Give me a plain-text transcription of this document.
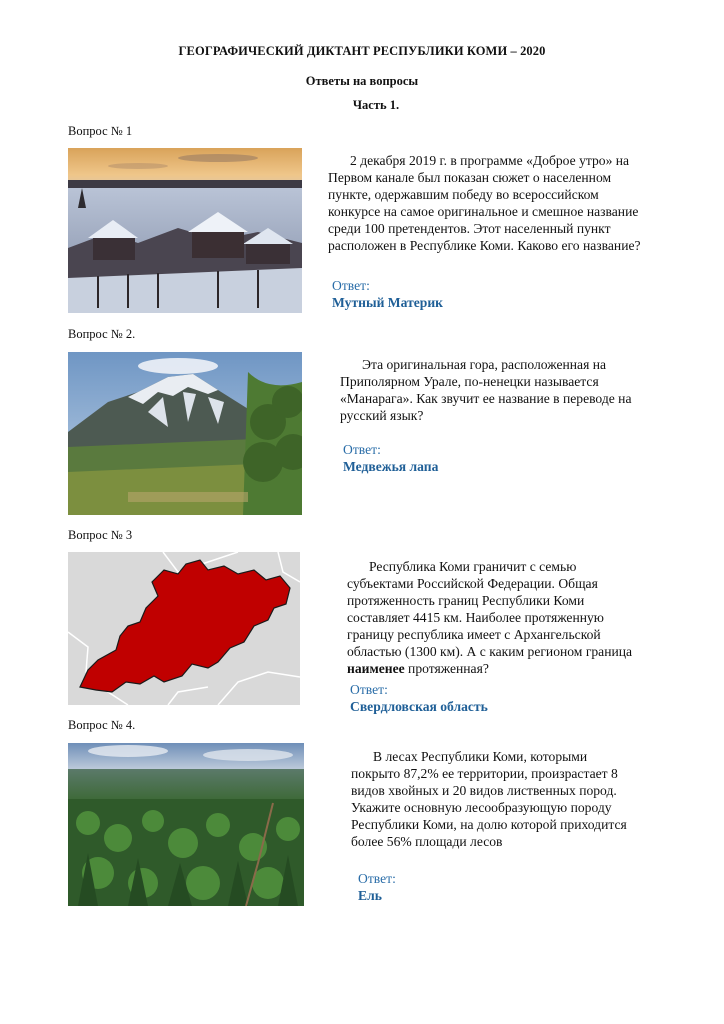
ГЕОГРАФИЧЕСКИЙ ДИКТАНТ РЕСПУБЛИКИ КОМИ – 2020
Ответы на вопросы
Часть 1.
Вопрос № 1
2 декабря 2019 г. в программе «Доброе утро» на
Первом канале был показан сюжет о населенном
пункте, одержавшим победу во всероссийском
конкурсе на самое оригинальное и смешное название
среди 100 претендентов. Этот населенный пункт
расположен в Республике Коми. Каково его название?
Ответ:
Мутный Материк
Вопрос № 2.
Эта оригинальная гора, расположенная на
Приполярном Урале, по-ненецки называется
«Манарага». Как звучит ее название в переводе на
русский язык?
Ответ:
Медвежья лапа
Вопрос № 3
Республика Коми граничит с семью
субъектами Российской Федерации. Общая
протяженность границ Республики Коми
составляет 4415 км. Наиболее протяженную
границу республика имеет с Архангельской
областью (1300 км). А с каким регионом граница
наименее протяженная?
Ответ:
Свердловская область
Вопрос № 4.
В лесах Республики Коми, которыми
покрыто 87,2% ее территории, произрастает 8
видов хвойных и 20 видов лиственных пород.
Укажите основную лесообразующую породу
Республики Коми, на долю которой приходится
более 56% площади лесов
Ответ:
Ель
